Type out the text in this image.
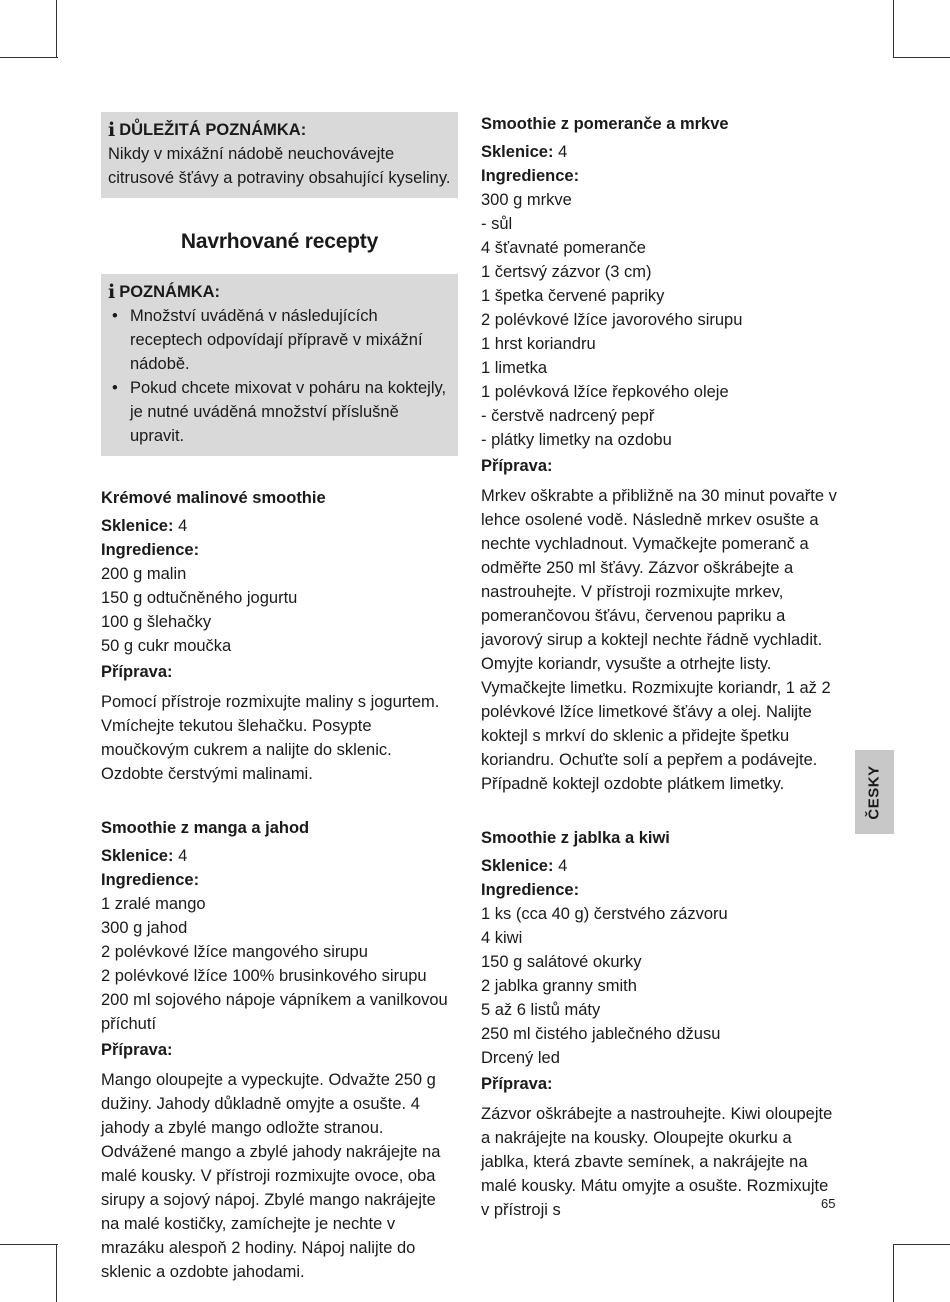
i DŮLEŽITÁ POZNÁMKA:
Nikdy v mixážní nádobě neuchovávejte citrusové šťávy a potraviny obsahující kyseliny.
Navrhované recepty
i POZNÁMKA:
• Množství uváděná v následujících receptech odpovídají přípravě v mixážní nádobě.
• Pokud chcete mixovat v poháru na koktejly, je nutné uváděná množství příslušně upravit.
Krémové malinové smoothie
Sklenice: 4
Ingredience:
200 g malin
150 g odtučněného jogurtu
100 g šlehačky
50 g cukr moučka
Příprava:
Pomocí přístroje rozmixujte maliny s jogurtem. Vmíchejte tekutou šlehačku. Posypte moučkovým cukrem a nalijte do sklenic. Ozdobte čerstvými malinami.
Smoothie z manga a jahod
Sklenice: 4
Ingredience:
1 zralé mango
300 g jahod
2 polévkové lžíce mangového sirupu
2 polévkové lžíce 100% brusinkového sirupu
200 ml sojového nápoje vápníkem a vanilkovou příchutí
Příprava:
Mango oloupejte a vypeckujte. Odvažte 250 g dužiny. Jahody důkladně omyjte a osušte. 4 jahody a zbylé mango odložte stranou. Odvážené mango a zbylé jahody nakrájejte na malé kousky. V přístroji rozmixujte ovoce, oba sirupy a sojový nápoj. Zbylé mango nakrájejte na malé kostičky, zamíchejte je nechte v mrazáku alespoň 2 hodiny. Nápoj nalijte do sklenic a ozdobte jahodami.
Smoothie z pomeranče a mrkve
Sklenice: 4
Ingredience:
300 g mrkve
- sůl
4 šťavnaté pomeranče
1 čertsvý zázvor (3 cm)
1 špetka červené papriky
2 polévkové lžíce javorového sirupu
1 hrst koriandru
1 limetka
1 polévková lžíce řepkového oleje
- čerstvě nadrcený pepř
- plátky limetky na ozdobu
Příprava:
Mrkev oškrabte a přibližně na 30 minut povařte v lehce osolené vodě. Následně mrkev osušte a nechte vychladnout. Vymačkejte pomeranč a odměřte 250 ml šťávy. Zázvor oškrábejte a nastrouhejte. V přístroji rozmixujte mrkev, pomerančovou šťávu, červenou papriku a javorový sirup a koktejl nechte řádně vychladit. Omyjte koriandr, vysušte a otrhejte listy. Vymačkejte limetku. Rozmixujte koriandr, 1 až 2 polévkové lžíce limetkové šťávy a olej. Nalijte koktejl s mrkví do sklenic a přidejte špetku koriandru. Ochuťte solí a pepřem a podávejte. Případně koktejl ozdobte plátkem limetky.
Smoothie z jablka a kiwi
Sklenice: 4
Ingredience:
1 ks (cca 40 g) čerstvého zázvoru
4 kiwi
150 g salátové okurky
2 jablka granny smith
5 až 6 listů máty
250 ml čistého jablečného džusu
Drcený led
Příprava:
Zázvor oškrábejte a nastrouhejte. Kiwi oloupejte a nakrájejte na kousky. Oloupejte okurku a jablka, která zbavte semínek, a nakrájejte na malé kousky. Mátu omyjte a osušte. Rozmixujte v přístroji s
ČESKY
65
